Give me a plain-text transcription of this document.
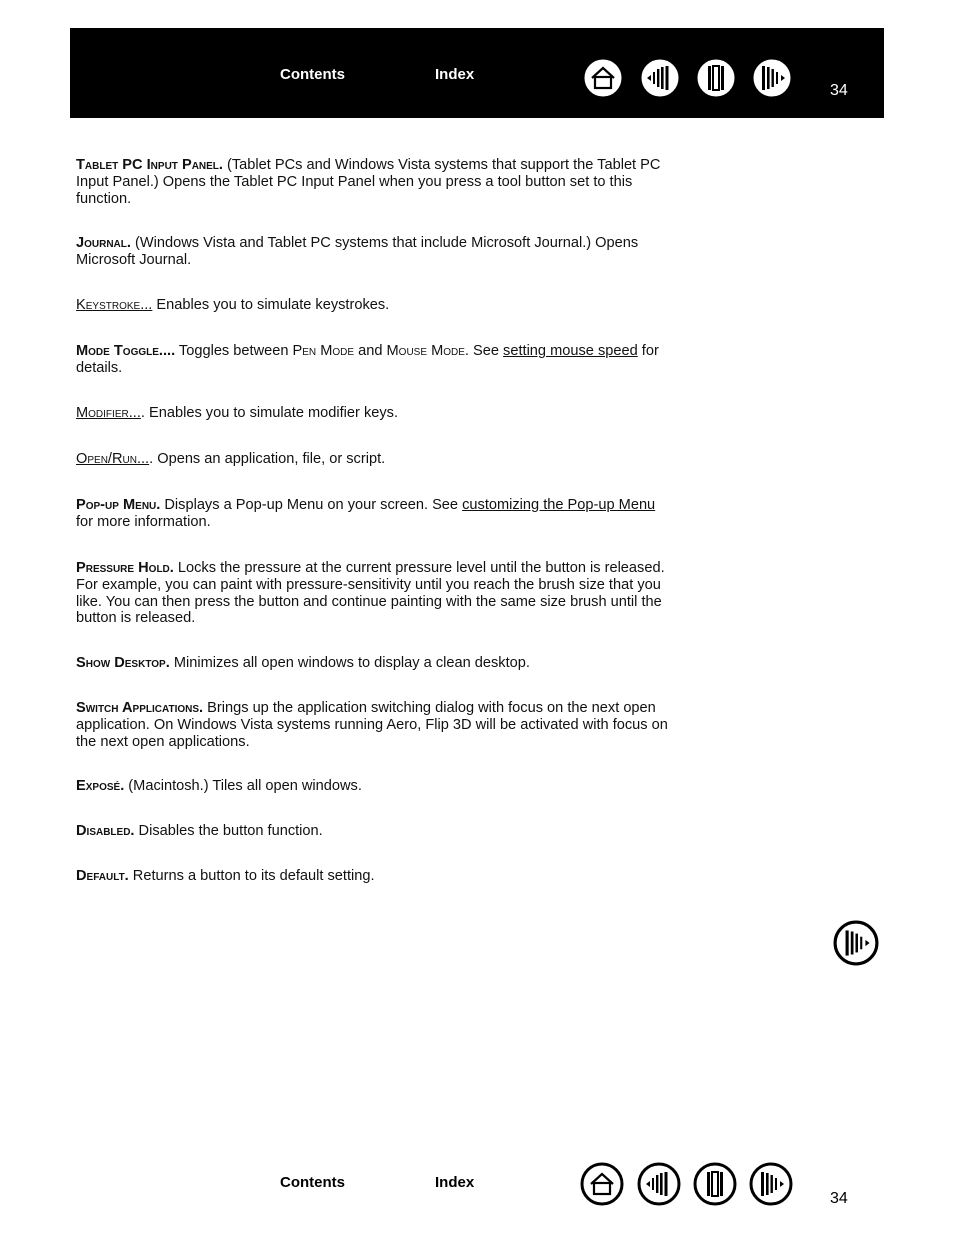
Contents	Index
34

Tablet PC Input Panel. (Tablet PCs and Windows Vista systems that support the Tablet PC Input Panel.) Opens the Tablet PC Input Panel when you press a tool button set to this function.

Journal. (Windows Vista and Tablet PC systems that include Microsoft Journal.) Opens Microsoft Journal.

Keystroke... Enables you to simulate keystrokes.

Mode Toggle.... Toggles between Pen Mode and Mouse Mode. See setting mouse speed for details.

Modifier.... Enables you to simulate modifier keys.

Open/Run.... Opens an application, file, or script.

Pop-up Menu. Displays a Pop-up Menu on your screen. See customizing the Pop-up Menu for more information.

Pressure Hold. Locks the pressure at the current pressure level until the button is released. For example, you can paint with pressure-sensitivity until you reach the brush size that you like. You can then press the button and continue painting with the same size brush until the button is released.

Show Desktop. Minimizes all open windows to display a clean desktop.

Switch Applications. Brings up the application switching dialog with focus on the next open application. On Windows Vista systems running Aero, Flip 3D will be activated with focus on the next open applications.

Exposé. (Macintosh.) Tiles all open windows.

Disabled. Disables the button function.

Default. Returns a button to its default setting.

Contents	Index
34
